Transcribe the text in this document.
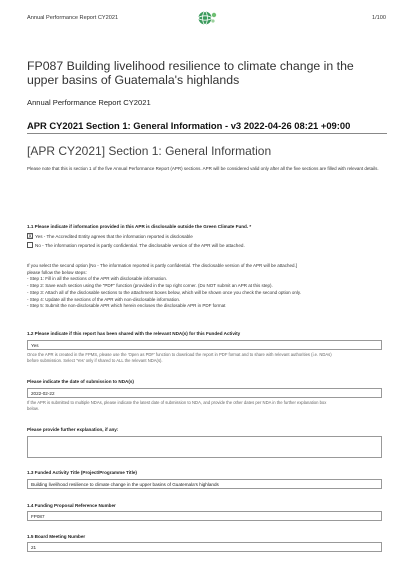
Annual Performance Report CY2021	1/100
FP087 Building livelihood resilience to climate change in the upper basins of Guatemala's highlands
Annual Performance Report CY2021
APR CY2021 Section 1: General Information - v3 2022-04-26 08:21 +09:00
[APR CY2021] Section 1: General Information
Please note that this is section 1 of the five Annual Performance Report (APR) sections. APR will be considered valid only after all the five sections are filled with relevant details.
1.1 Please indicate if information provided in this APR is disclosable outside the Green Climate Fund. *
X Yes - The Accredited Entity agrees that the information reported is disclosable
No - The information reported is partly confidential. The disclosable version of the APR will be attached.
If you select the second option [No - The information reported is partly confidential. The disclosable version of the APR will be attached.]
please follow the below steps:
- Step 1: Fill in all the sections of the APR with disclosable information.
- Step 2: Save each section using the "PDF" function (provided in the top right corner. (Do NOT submit an APR at this step).
- Step 3: Attach all of the disclosable sections to the attachment boxes below, which will be shown once you check the second option only.
- Step 4: Update all the sections of the APR with non-disclosable information.
- Step 5: Submit the non-disclosable APR which herein encloses the disclosable APR in PDF format
1.2 Please indicate if this report has been shared with the relevant NDA(s) for this Funded Activity
Yes
Once the APR is created in the FPMS, please use the 'Open as PDF' function to download the report in PDF format and to share with relevant authorities (i.e. NDAs)
before submission. Select 'Yes' only if shared to ALL the relevant NDA(s).
Please indicate the date of submission to NDA(s)
2022-02-22
If the APR is submitted to multiple NDAs, please indicate the latest date of submission to NDA, and provide the other dates per NDA in the further explanation box
below.
Please provide further explanation, if any:
1.3 Funded Activity Title (Project/Programme Title)
Building livelihood resilience to climate change in the upper basins of Guatemala's highlands
1.4 Funding Proposal Reference Number
FP087
1.5 Board Meeting Number
21
